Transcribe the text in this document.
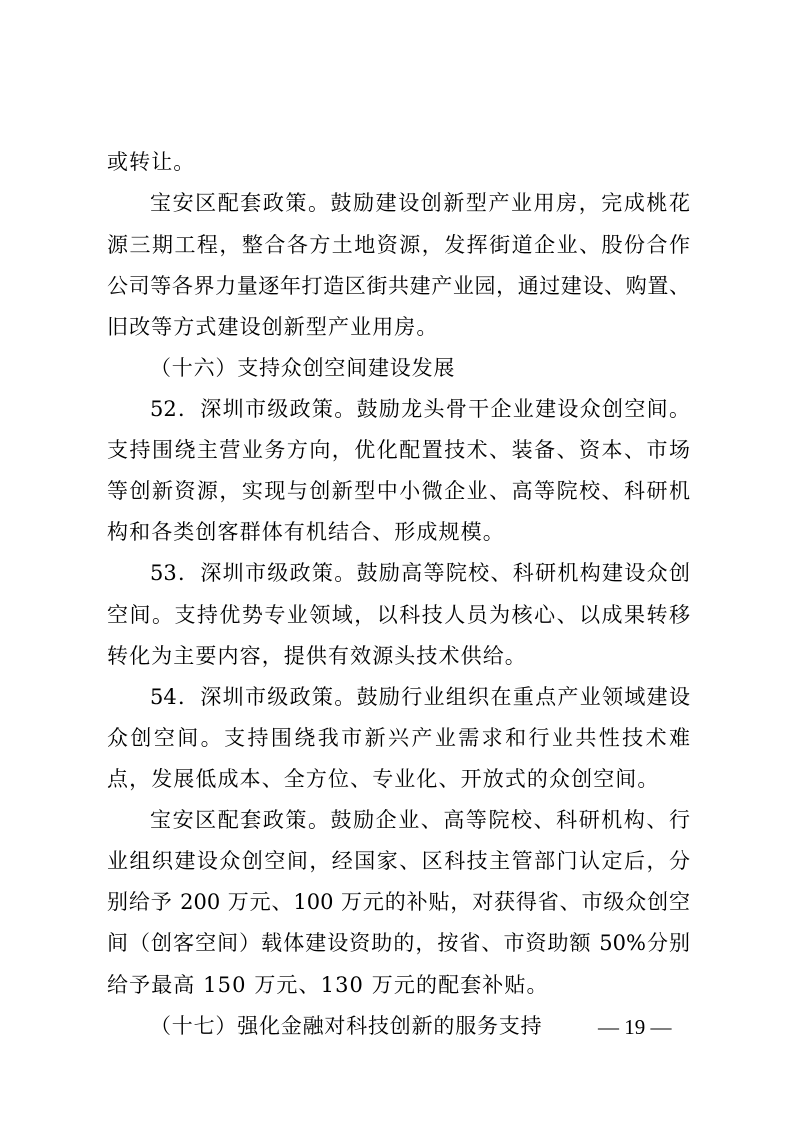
或转让。
宝安区配套政策。鼓励建设创新型产业用房，完成桃花
源三期工程，整合各方土地资源，发挥街道企业、股份合作
公司等各界力量逐年打造区街共建产业园，通过建设、购置、
旧改等方式建设创新型产业用房。
（十六）支持众创空间建设发展
52．深圳市级政策。鼓励龙头骨干企业建设众创空间。
支持围绕主营业务方向，优化配置技术、装备、资本、市场
等创新资源，实现与创新型中小微企业、高等院校、科研机
构和各类创客群体有机结合、形成规模。
53．深圳市级政策。鼓励高等院校、科研机构建设众创
空间。支持优势专业领域，以科技人员为核心、以成果转移
转化为主要内容，提供有效源头技术供给。
54．深圳市级政策。鼓励行业组织在重点产业领域建设
众创空间。支持围绕我市新兴产业需求和行业共性技术难
点，发展低成本、全方位、专业化、开放式的众创空间。
宝安区配套政策。鼓励企业、高等院校、科研机构、行
业组织建设众创空间，经国家、区科技主管部门认定后，分
别给予 200 万元、100 万元的补贴，对获得省、市级众创空
间（创客空间）载体建设资助的，按省、市资助额 50%分别
给予最高 150 万元、130 万元的配套补贴。
（十七）强化金融对科技创新的服务支持	— 19 —
